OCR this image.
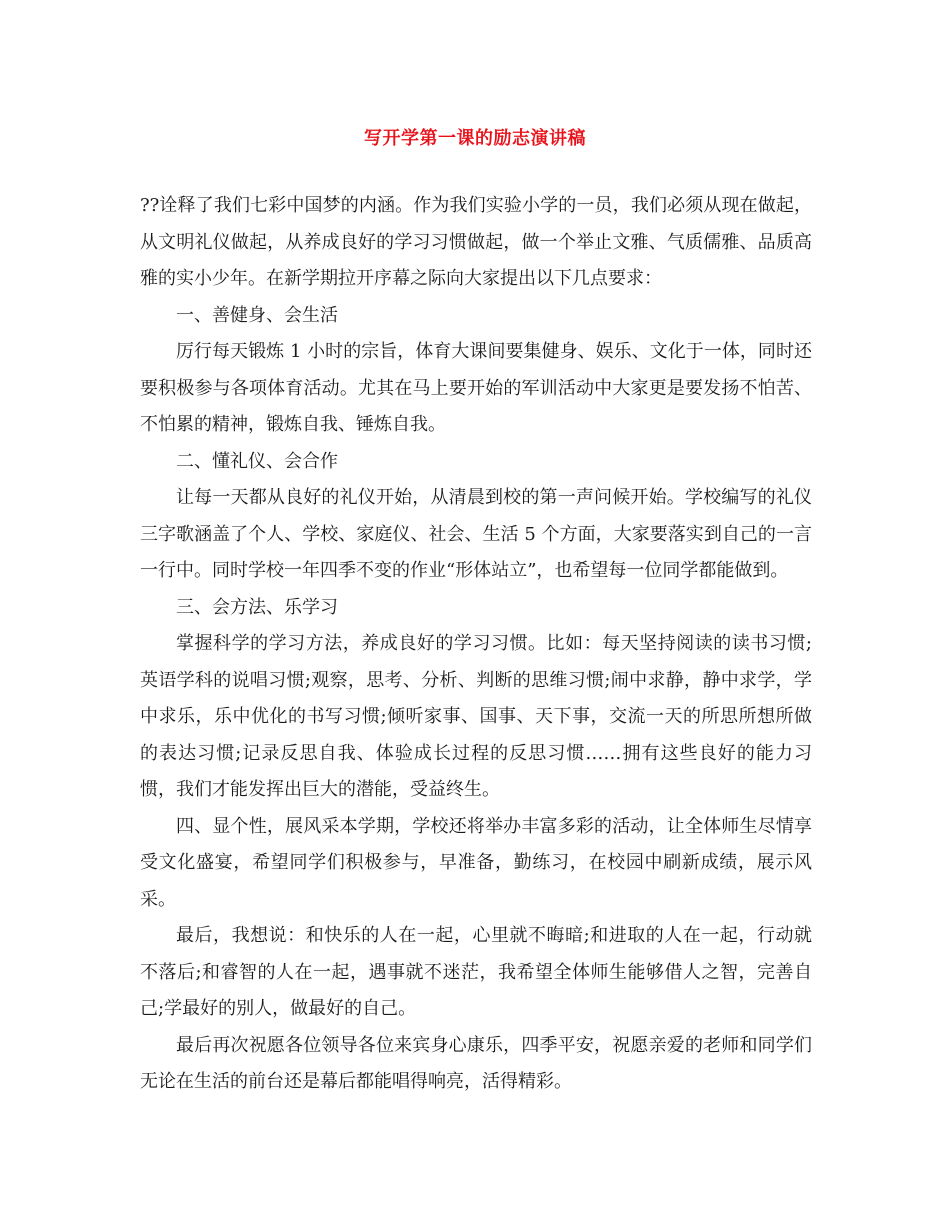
写开学第一课的励志演讲稿

??诠释了我们七彩中国梦的内涵。作为我们实验小学的一员，我们必须从现在做起，从文明礼仪做起，从养成良好的学习习惯做起，做一个举止文雅、气质儒雅、品质高雅的实小少年。在新学期拉开序幕之际向大家提出以下几点要求：

一、善健身、会生活

厉行每天锻炼 1 小时的宗旨，体育大课间要集健身、娱乐、文化于一体，同时还要积极参与各项体育活动。尤其在马上要开始的军训活动中大家更是要发扬不怕苦、不怕累的精神，锻炼自我、锤炼自我。

二、懂礼仪、会合作

让每一天都从良好的礼仪开始，从清晨到校的第一声问候开始。学校编写的礼仪三字歌涵盖了个人、学校、家庭仪、社会、生活 5 个方面，大家要落实到自己的一言一行中。同时学校一年四季不变的作业“形体站立”，也希望每一位同学都能做到。

三、会方法、乐学习

掌握科学的学习方法，养成良好的学习习惯。比如：每天坚持阅读的读书习惯;英语学科的说唱习惯;观察，思考、分析、判断的思维习惯;闹中求静，静中求学，学中求乐，乐中优化的书写习惯;倾听家事、国事、天下事，交流一天的所思所想所做的表达习惯;记录反思自我、体验成长过程的反思习惯……拥有这些良好的能力习惯，我们才能发挥出巨大的潜能，受益终生。

四、显个性，展风采本学期，学校还将举办丰富多彩的活动，让全体师生尽情享受文化盛宴，希望同学们积极参与，早准备，勤练习，在校园中刷新成绩，展示风采。

最后，我想说：和快乐的人在一起，心里就不晦暗;和进取的人在一起，行动就不落后;和睿智的人在一起，遇事就不迷茫，我希望全体师生能够借人之智，完善自己;学最好的别人，做最好的自己。

最后再次祝愿各位领导各位来宾身心康乐，四季平安，祝愿亲爱的老师和同学们无论在生活的前台还是幕后都能唱得响亮，活得精彩。
